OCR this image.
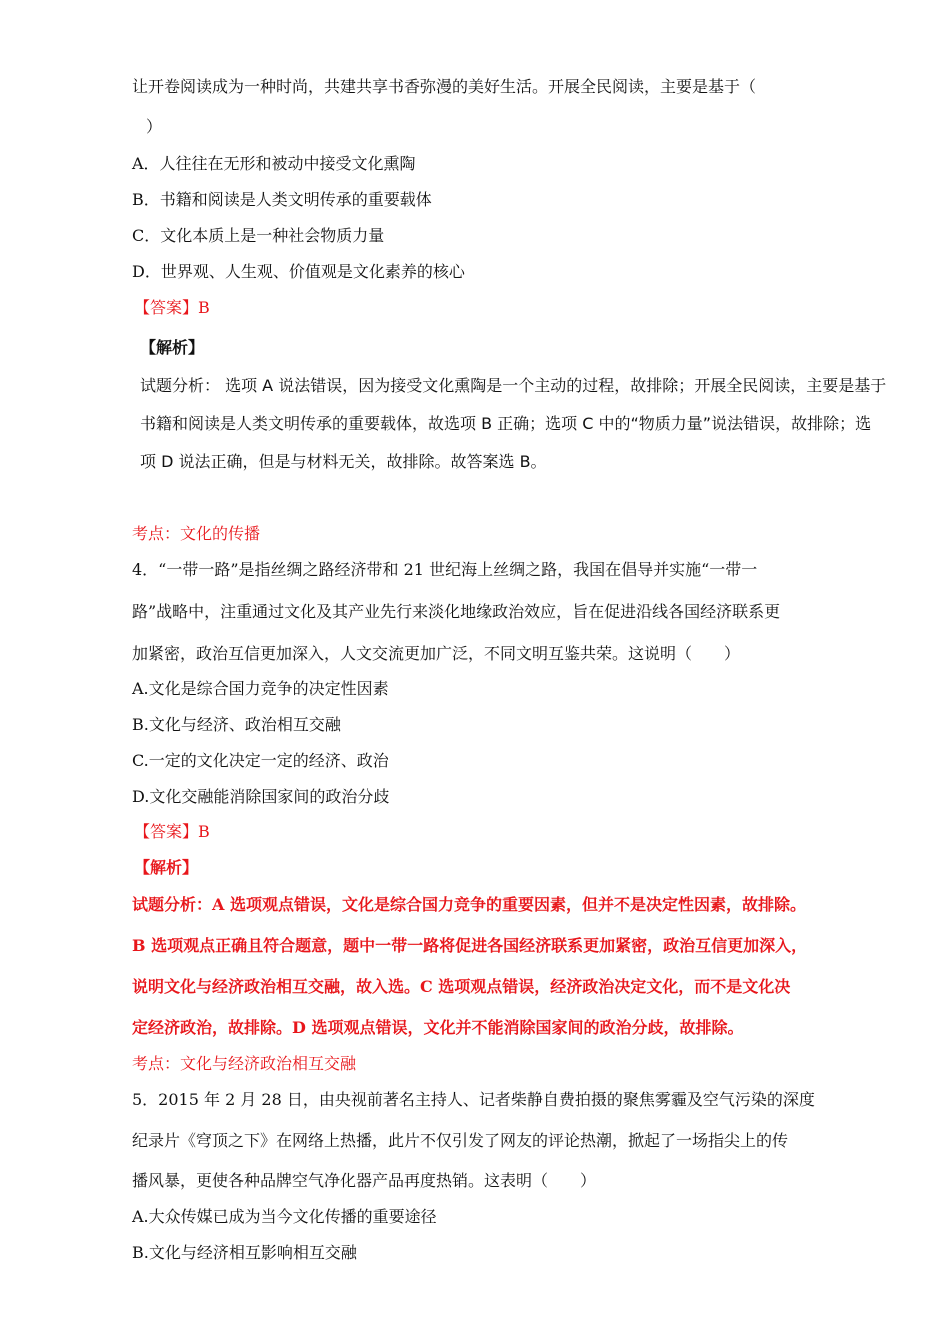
让开卷阅读成为一种时尚，共建共享书香弥漫的美好生活。开展全民阅读，主要是基于（
）
A．人往往在无形和被动中接受文化熏陶
B．书籍和阅读是人类文明传承的重要载体
C．文化本质上是一种社会物质力量
D．世界观、人生观、价值观是文化素养的核心
【答案】B
【解析】
试题分析： 选项 A 说法错误，因为接受文化熏陶是一个主动的过程，故排除；开展全民阅读，主要是基于
书籍和阅读是人类文明传承的重要载体，故选项 B 正确；选项 C 中的“物质力量”说法错误，故排除；选
项 D 说法正确，但是与材料无关，故排除。故答案选 B。
考点：文化的传播
4．“一带一路”是指丝绸之路经济带和 21 世纪海上丝绸之路，我国在倡导并实施“一带一
路”战略中，注重通过文化及其产业先行来淡化地缘政治效应，旨在促进沿线各国经济联系更
加紧密，政治互信更加深入，人文交流更加广泛，不同文明互鉴共荣。这说明（　　）
A.文化是综合国力竞争的决定性因素
B.文化与经济、政治相互交融
C.一定的文化决定一定的经济、政治
D.文化交融能消除国家间的政治分歧
【答案】B
【解析】
试题分析：A 选项观点错误，文化是综合国力竞争的重要因素，但并不是决定性因素，故排除。
B 选项观点正确且符合题意，题中一带一路将促进各国经济联系更加紧密，政治互信更加深入，
说明文化与经济政治相互交融，故入选。C 选项观点错误，经济政治决定文化，而不是文化决
定经济政治，故排除。D 选项观点错误，文化并不能消除国家间的政治分歧，故排除。
考点：文化与经济政治相互交融
5．2015 年 2 月 28 日，由央视前著名主持人、记者柴静自费拍摄的聚焦雾霾及空气污染的深度
纪录片《穹顶之下》在网络上热播，此片不仅引发了网友的评论热潮，掀起了一场指尖上的传
播风暴，更使各种品牌空气净化器产品再度热销。这表明（　　）
A.大众传媒已成为当今文化传播的重要途径
B.文化与经济相互影响相互交融
